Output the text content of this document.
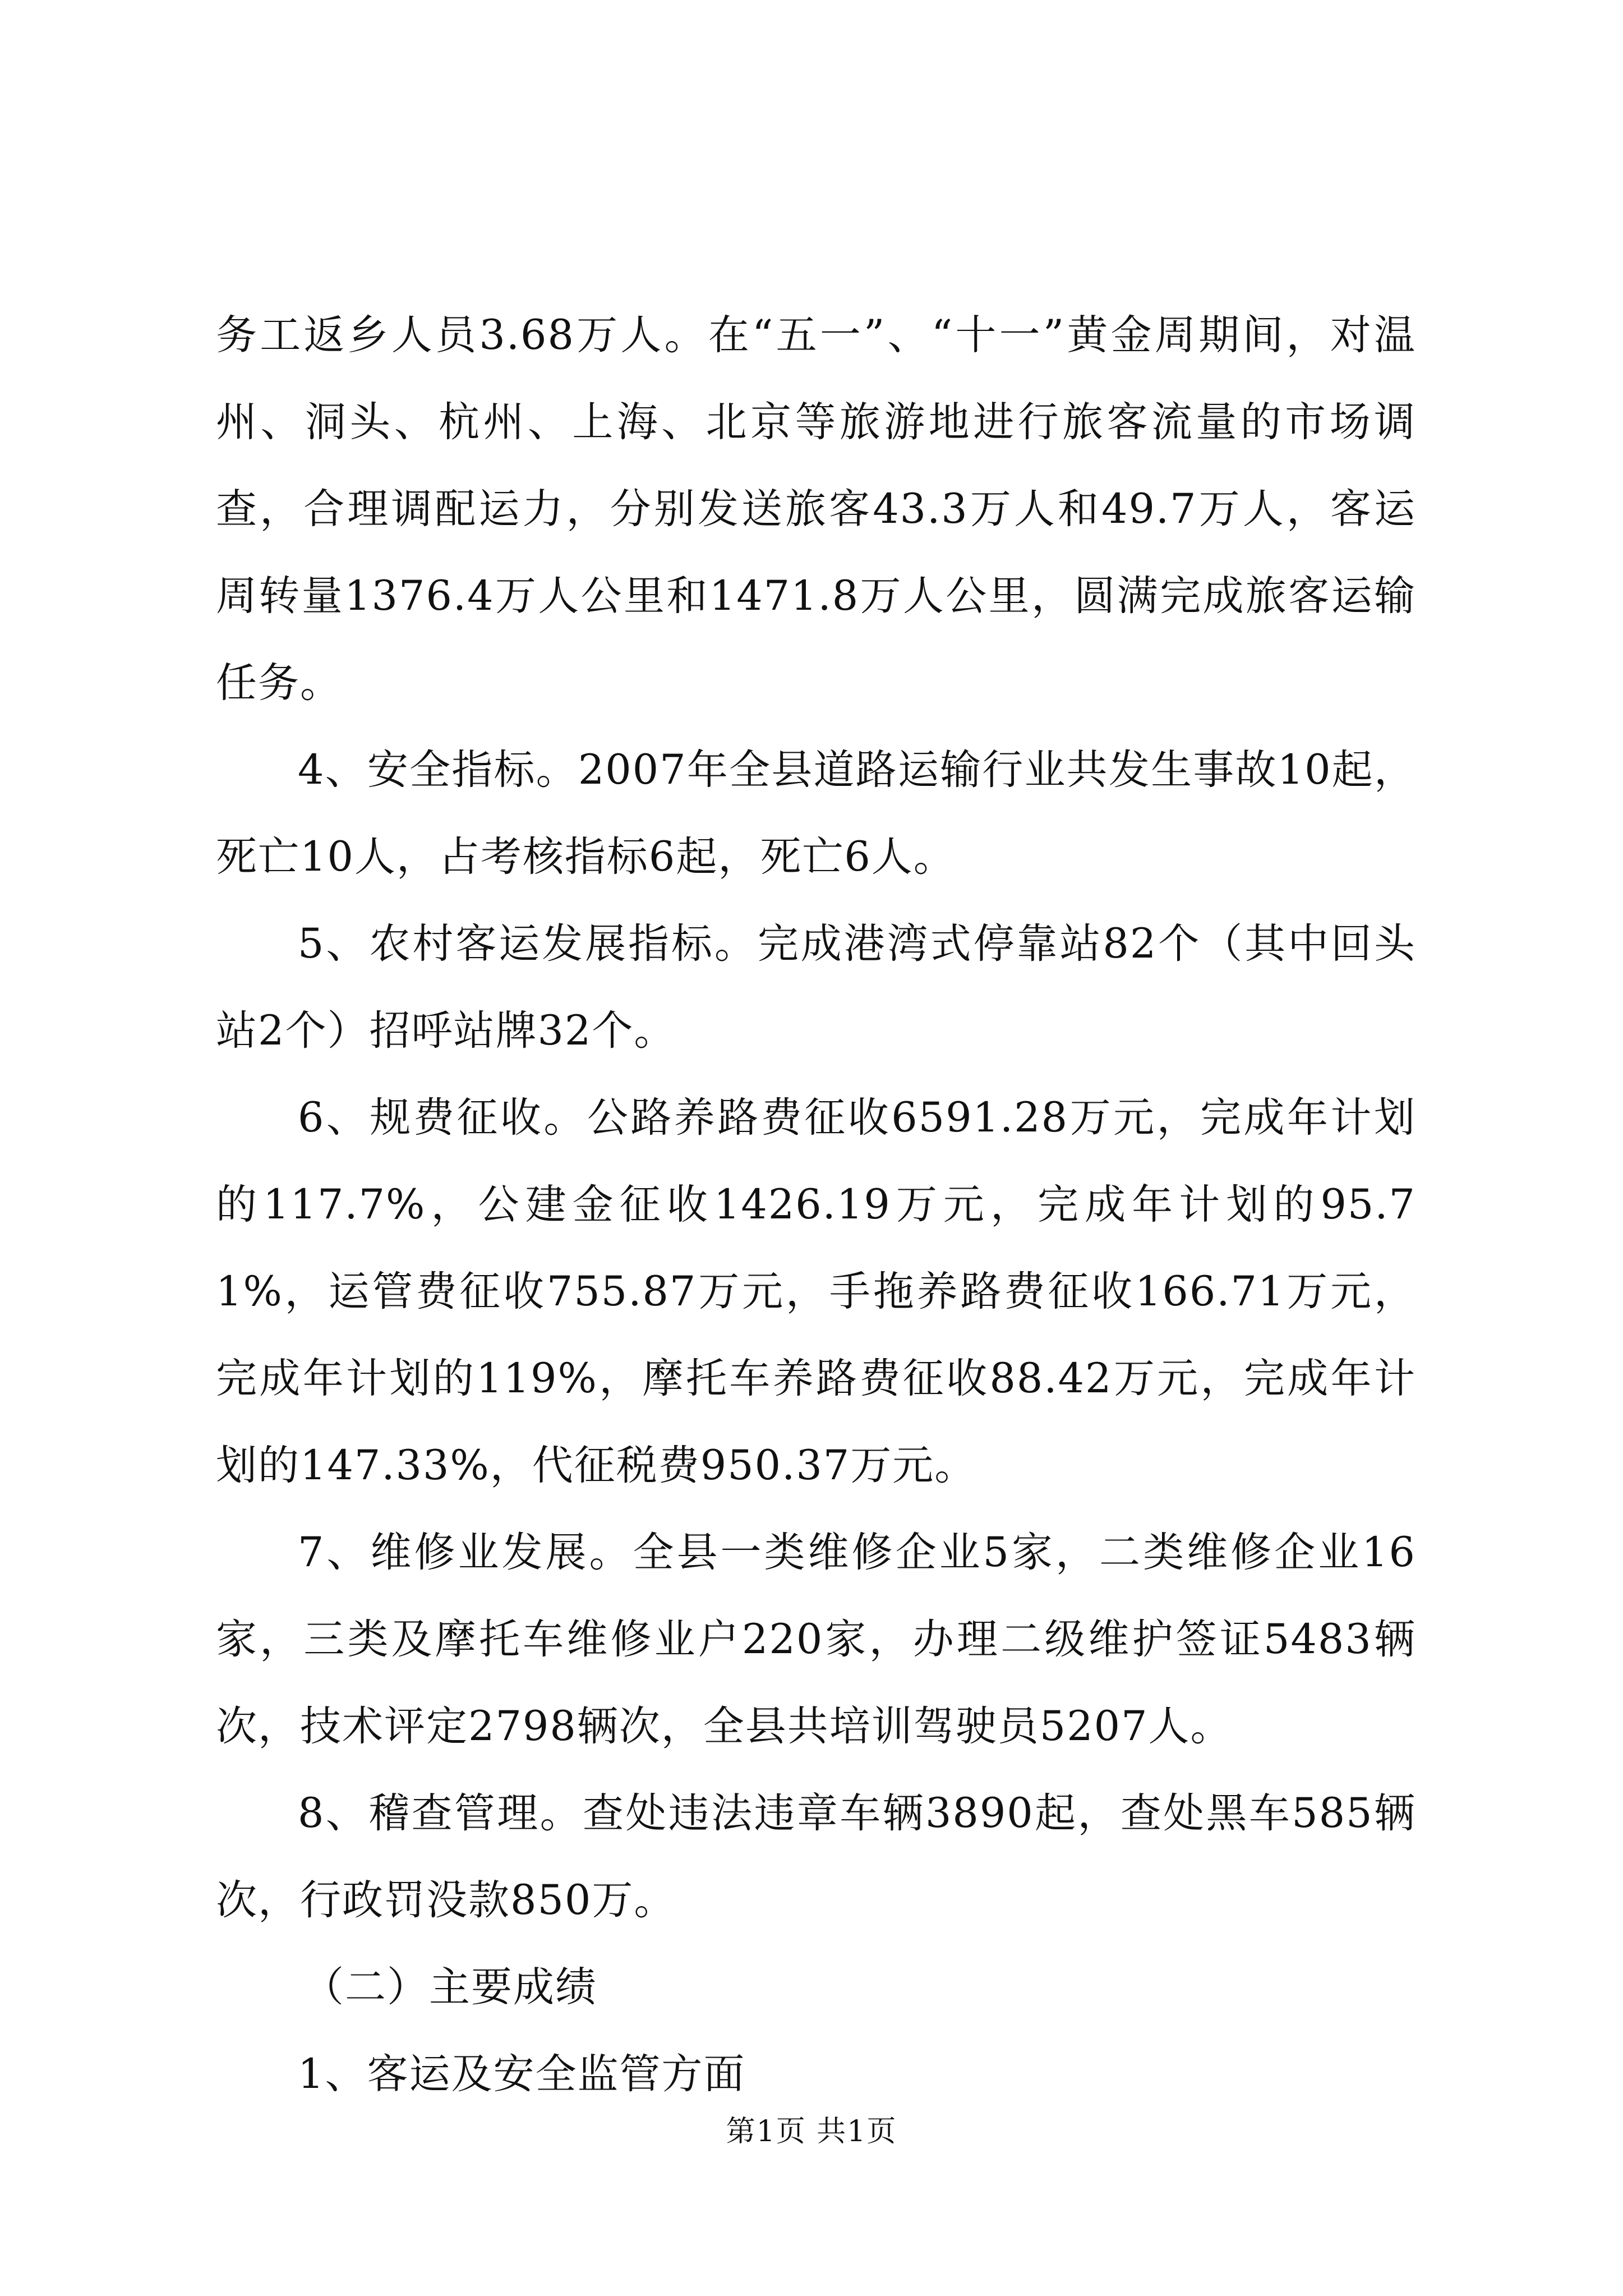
务工返乡人员3.68万人。在“五一”、“十一”黄金周期间，对温州、洞头、杭州、上海、北京等旅游地进行旅客流量的市场调查，合理调配运力，分别发送旅客43.3万人和49.7万人，客运周转量1376.4万人公里和1471.8万人公里，圆满完成旅客运输任务。

4、安全指标。2007年全县道路运输行业共发生事故10起，死亡10人，占考核指标6起，死亡6人。

5、农村客运发展指标。完成港湾式停靠站82个（其中回头站2个）招呼站牌32个。

6、规费征收。公路养路费征收6591.28万元，完成年计划的117.7%，公建金征收1426.19万元，完成年计划的95.71%，运管费征收755.87万元，手拖养路费征收166.71万元，完成年计划的119%，摩托车养路费征收88.42万元，完成年计划的147.33%，代征税费950.37万元。

7、维修业发展。全县一类维修企业5家，二类维修企业16家，三类及摩托车维修业户220家，办理二级维护签证5483辆次，技术评定2798辆次，全县共培训驾驶员5207人。

8、稽查管理。查处违法违章车辆3890起，查处黑车585辆次，行政罚没款850万。

（二）主要成绩

1、客运及安全监管方面

第1页 共1页
